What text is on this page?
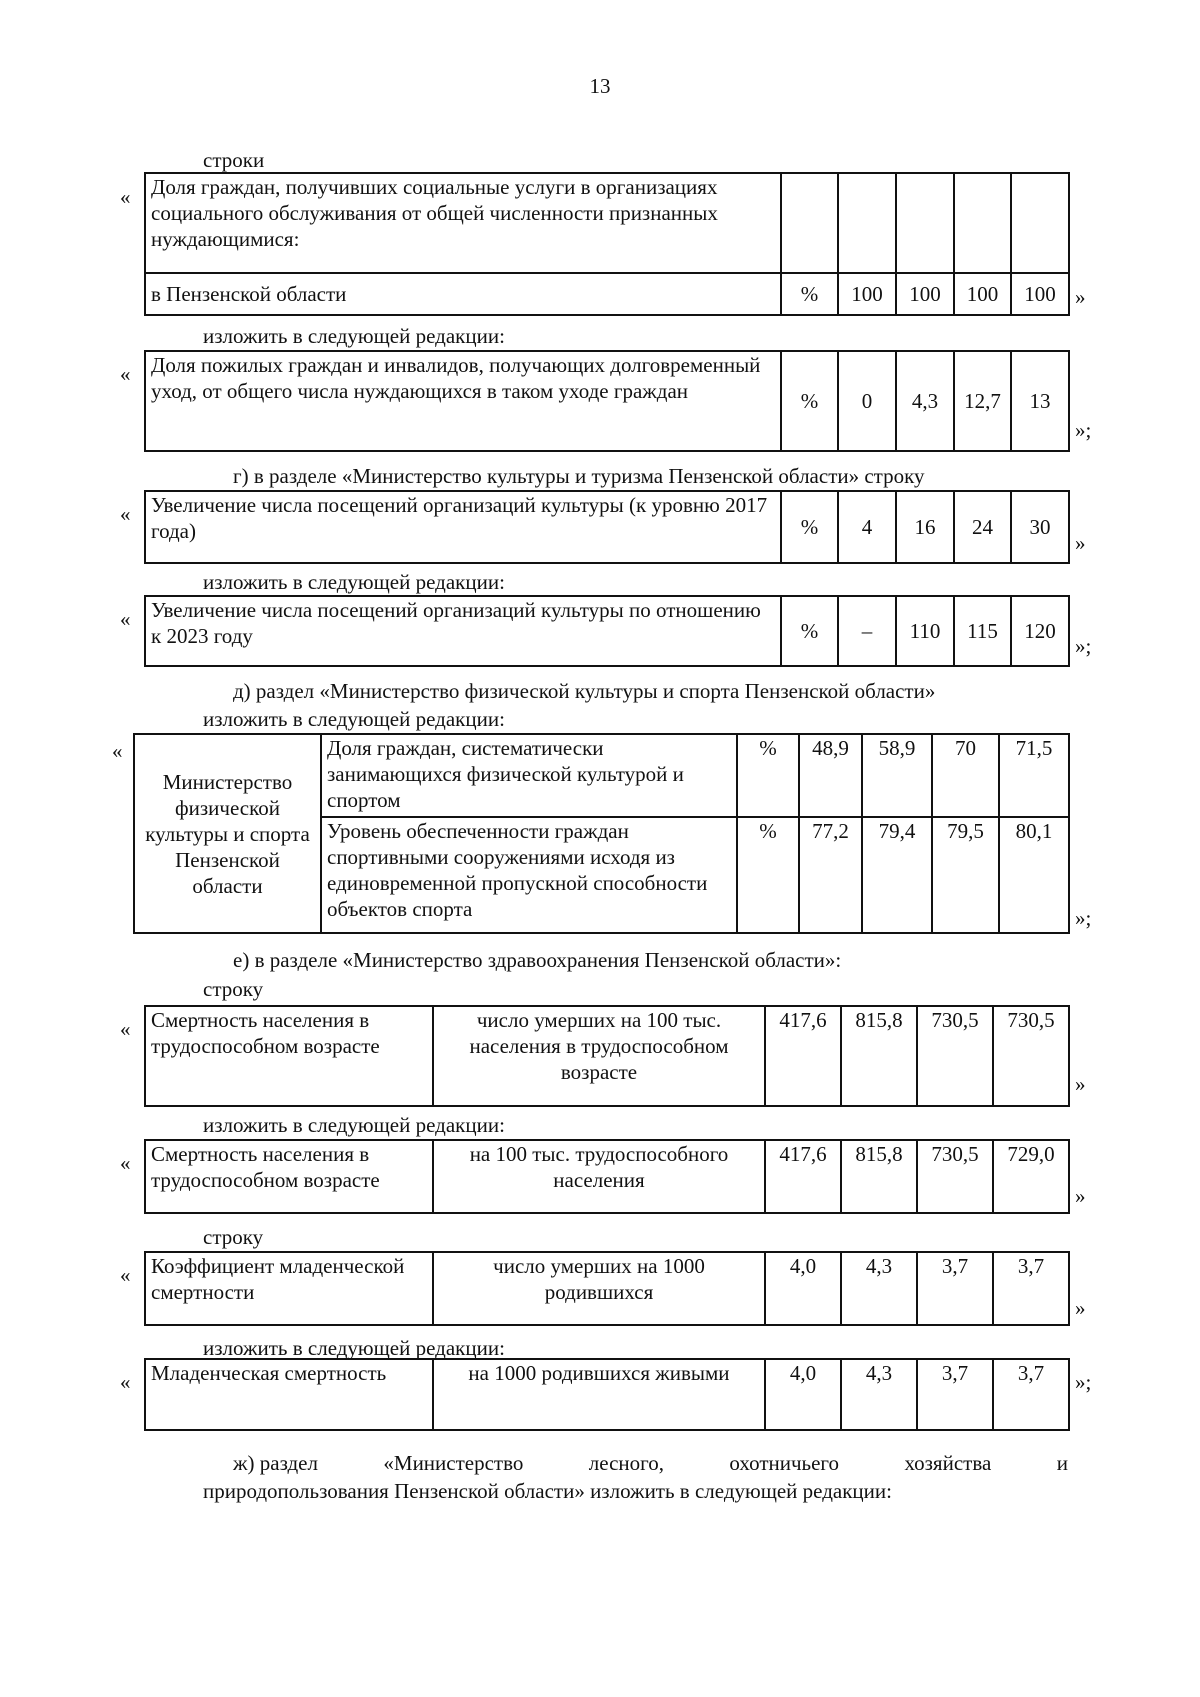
13
строки
« Доля граждан, получивших социальные услуги в организациях социального обслуживания от общей численности признанных нуждающимися:					
в Пензенской области	%	100	100	100	100 »
изложить в следующей редакции:
« Доля пожилых граждан и инвалидов, получающих долговременный уход, от общего числа нуждающихся в таком уходе граждан	%	0	4,3	12,7	13
»;
г) в разделе «Министерство культуры и туризма Пензенской области» строку
« Увеличение числа посещений организаций культуры (к уровню 2017 года)	%	4	16	24	30
»
изложить в следующей редакции:
« Увеличение числа посещений организаций культуры по отношению к 2023 году	%	–	110	115	120
»;
д) раздел «Министерство физической культуры и спорта Пензенской области»
изложить в следующей редакции:
«
Министерство физической культуры и спорта Пензенской области	Доля граждан, систематически занимающихся физической культурой и спортом	%	48,9	58,9	70	71,5
	Уровень обеспеченности граждан спортивными сооружениями исходя из единовременной пропускной способности объектов спорта	%	77,2	79,4	79,5	80,1
»;
е) в разделе «Министерство здравоохранения Пензенской области»:
строку
« Смертность населения в трудоспособном возрасте	число умерших на 100 тыс. населения в трудоспособном возрасте	417,6	815,8	730,5	730,5
»
изложить в следующей редакции:
« Смертность населения в трудоспособном возрасте	на 100 тыс. трудоспособного населения	417,6	815,8	730,5	729,0
»
строку
« Коэффициент младенческой смертности	число умерших на 1000 родившихся	4,0	4,3	3,7	3,7
»
изложить в следующей редакции:
« Младенческая смертность	на 1000 родившихся живыми	4,0	4,3	3,7	3,7 »;
ж) раздел	«Министерство	лесного,	охотничьего	хозяйства	и
природопользования Пензенской области» изложить в следующей редакции:
